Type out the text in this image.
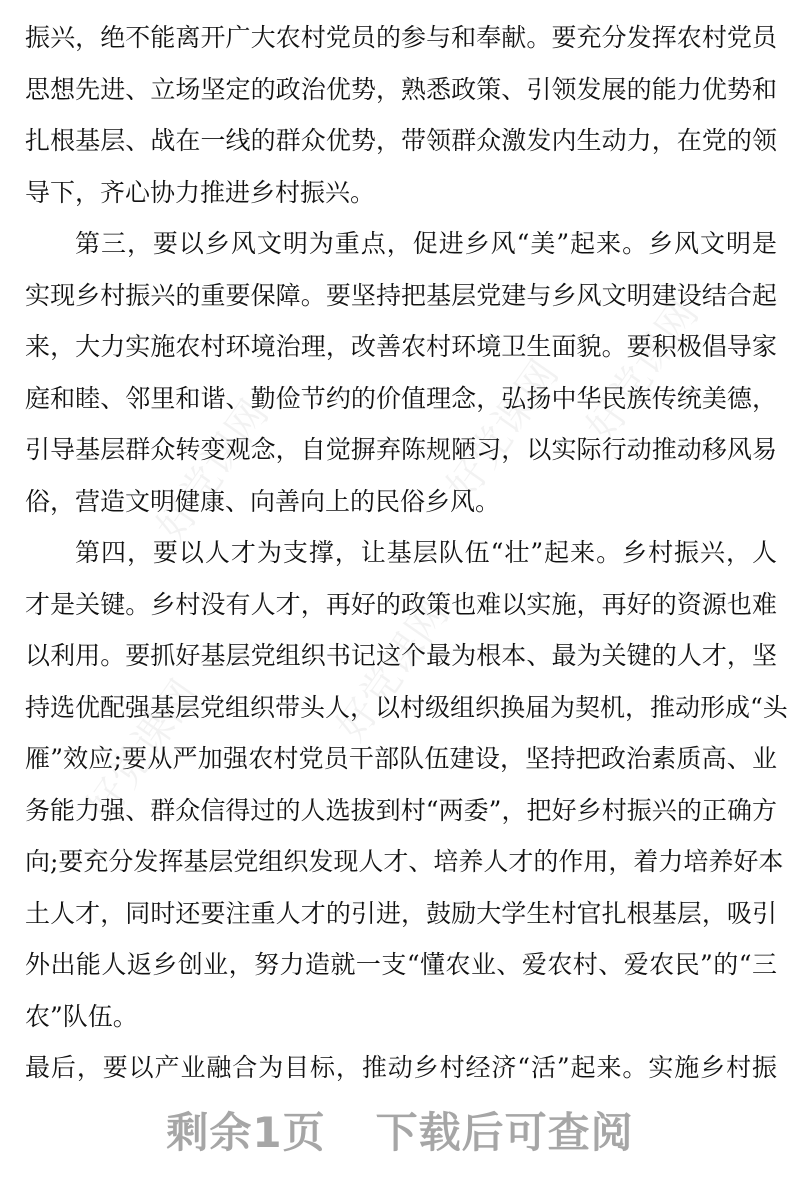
好党课网	好党课网
好党课网
好党课网
好党课网
振兴，绝不能离开广大农村党员的参与和奉献。要充分发挥农村党员
思想先进、立场坚定的政治优势，熟悉政策、引领发展的能力优势和
扎根基层、战在一线的群众优势，带领群众激发内生动力，在党的领
导下，齐心协力推进乡村振兴。
第三，要以乡风文明为重点，促进乡风“美”起来。乡风文明是
实现乡村振兴的重要保障。要坚持把基层党建与乡风文明建设结合起
来，大力实施农村环境治理，改善农村环境卫生面貌。要积极倡导家
庭和睦、邻里和谐、勤俭节约的价值理念，弘扬中华民族传统美德，
引导基层群众转变观念，自觉摒弃陈规陋习，以实际行动推动移风易
俗，营造文明健康、向善向上的民俗乡风。
第四，要以人才为支撑，让基层队伍“壮”起来。乡村振兴，人
才是关键。乡村没有人才，再好的政策也难以实施，再好的资源也难
以利用。要抓好基层党组织书记这个最为根本、最为关键的人才，坚
持选优配强基层党组织带头人，以村级组织换届为契机，推动形成“头
雁”效应;要从严加强农村党员干部队伍建设，坚持把政治素质高、业
务能力强、群众信得过的人选拔到村“两委”，把好乡村振兴的正确方
向;要充分发挥基层党组织发现人才、培养人才的作用，着力培养好本
土人才，同时还要注重人才的引进，鼓励大学生村官扎根基层，吸引
外出能人返乡创业，努力造就一支“懂农业、爱农村、爱农民”的“三
农”队伍。
最后，要以产业融合为目标，推动乡村经济“活”起来。实施乡村振
剩余1页 下载后可查阅
